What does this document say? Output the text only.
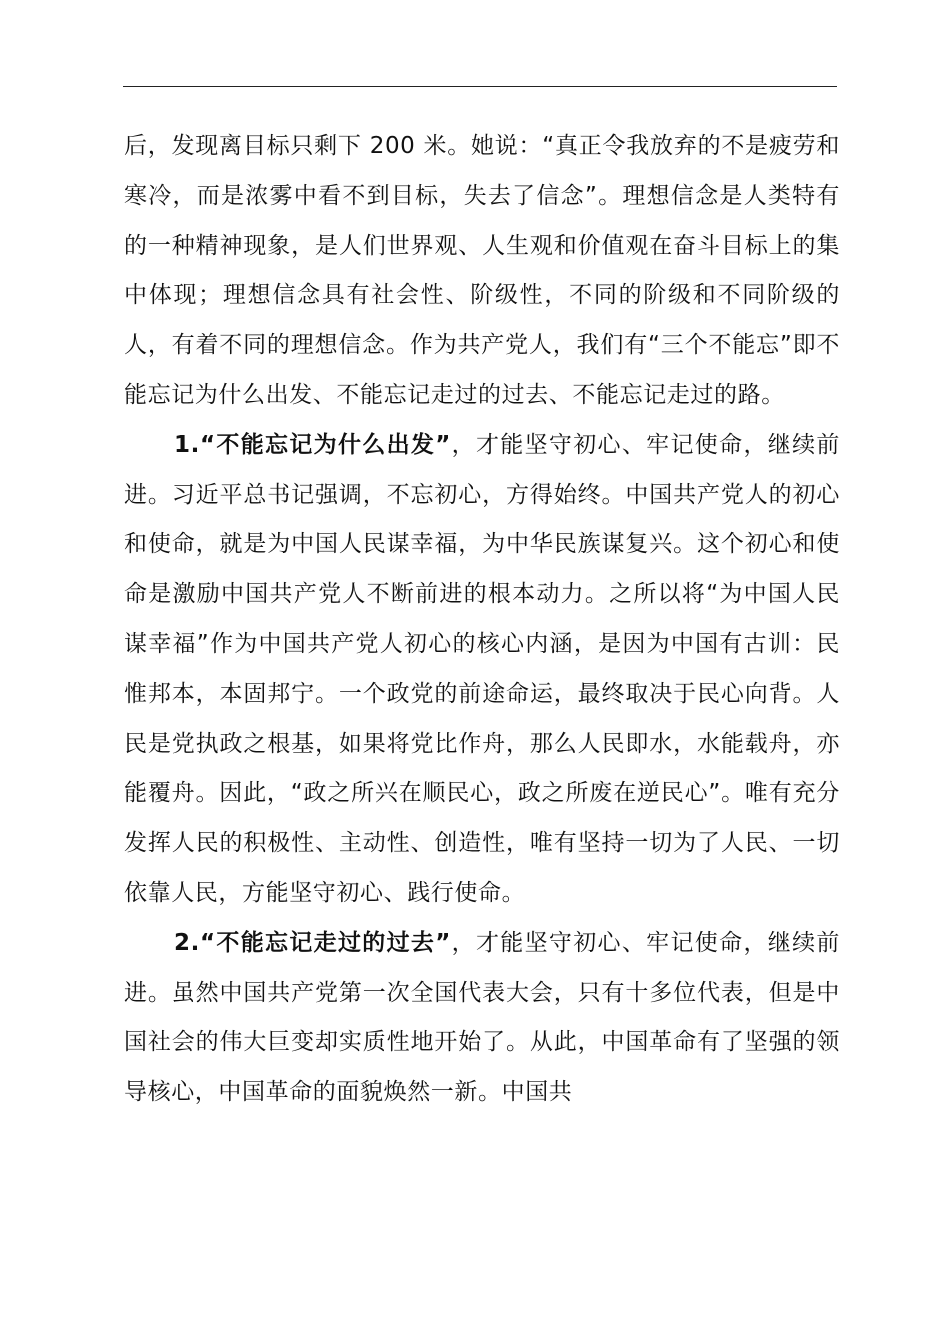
后，发现离目标只剩下 200 米。她说：“真正令我放弃的不是疲劳和寒冷，而是浓雾中看不到目标，失去了信念”。理想信念是人类特有的一种精神现象，是人们世界观、人生观和价值观在奋斗目标上的集中体现；理想信念具有社会性、阶级性，不同的阶级和不同阶级的人，有着不同的理想信念。作为共产党人，我们有“三个不能忘”即不能忘记为什么出发、不能忘记走过的过去、不能忘记走过的路。

1.“不能忘记为什么出发”，才能坚守初心、牢记使命，继续前进。习近平总书记强调，不忘初心，方得始终。中国共产党人的初心和使命，就是为中国人民谋幸福，为中华民族谋复兴。这个初心和使命是激励中国共产党人不断前进的根本动力。之所以将“为中国人民谋幸福”作为中国共产党人初心的核心内涵，是因为中国有古训：民惟邦本，本固邦宁。一个政党的前途命运，最终取决于民心向背。人民是党执政之根基，如果将党比作舟，那么人民即水，水能载舟，亦能覆舟。因此，“政之所兴在顺民心，政之所废在逆民心”。唯有充分发挥人民的积极性、主动性、创造性，唯有坚持一切为了人民、一切依靠人民，方能坚守初心、践行使命。

2.“不能忘记走过的过去”，才能坚守初心、牢记使命，继续前进。虽然中国共产党第一次全国代表大会，只有十多位代表，但是中国社会的伟大巨变却实质性地开始了。从此，中国革命有了坚强的领导核心，中国革命的面貌焕然一新。中国共
